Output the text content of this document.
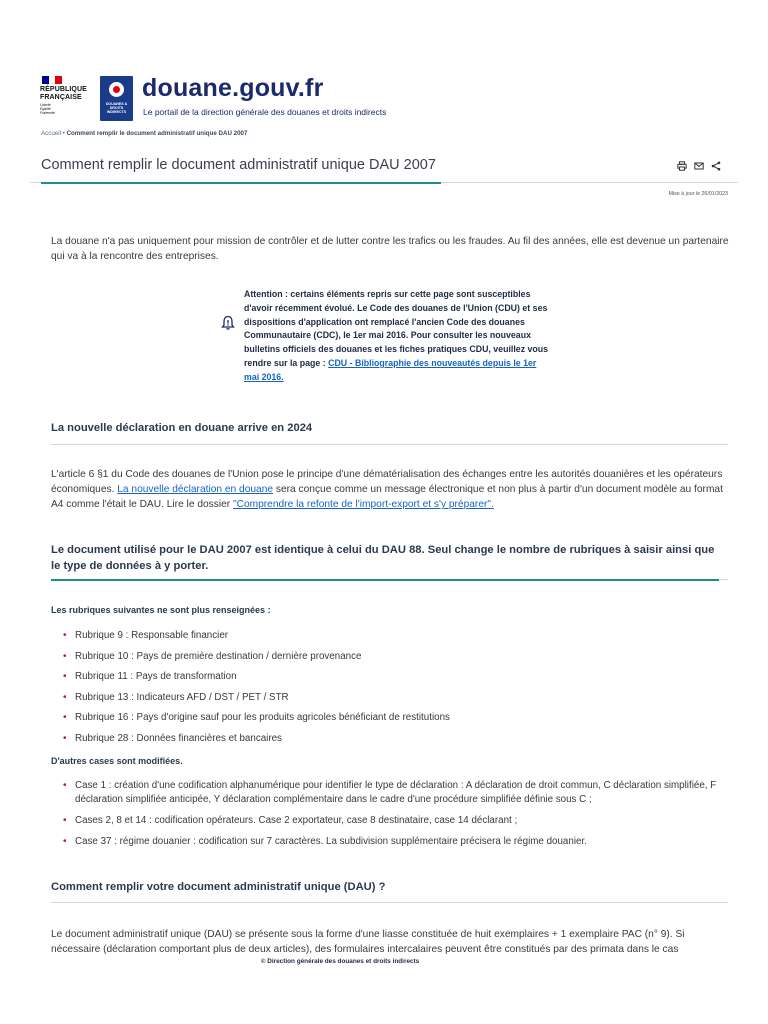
RÉPUBLIQUE
FRANÇAISE
Liberté
Égalité
Fraternité
DOUANES & DROITS INDIRECTS
douane.gouv.fr
Le portail de la direction générale des douanes et droits indirects
Accueil • Comment remplir le document administratif unique DAU 2007
Comment remplir le document administratif unique DAU 2007
Mise à jour le 26/01/2023

La douane n'a pas uniquement pour mission de contrôler et de lutter contre les trafics ou les fraudes. Au fil des années, elle est devenue un partenaire qui va à la rencontre des entreprises.

Attention : certains éléments repris sur cette page sont susceptibles d'avoir récemment évolué. Le Code des douanes de l'Union (CDU) et ses dispositions d'application ont remplacé l'ancien Code des douanes Communautaire (CDC), le 1er mai 2016. Pour consulter les nouveaux bulletins officiels des douanes et les fiches pratiques CDU, veuillez vous rendre sur la page : CDU - Bibliographie des nouveautés depuis le 1er mai 2016.

La nouvelle déclaration en douane arrive en 2024

L'article 6 §1 du Code des douanes de l'Union pose le principe d'une dématérialisation des échanges entre les autorités douanières et les opérateurs économiques. La nouvelle déclaration en douane sera conçue comme un message électronique et non plus à partir d'un document modèle au format A4 comme l'était le DAU. Lire le dossier "Comprendre la refonte de l'import-export et s'y préparer".

Le document utilisé pour le DAU 2007 est identique à celui du DAU 88. Seul change le nombre de rubriques à saisir ainsi que le type de données à y porter.
Les rubriques suivantes ne sont plus renseignées :
• Rubrique 9 : Responsable financier
• Rubrique 10 : Pays de première destination / dernière provenance
• Rubrique 11 : Pays de transformation
• Rubrique 13 : Indicateurs AFD / DST / PET / STR
• Rubrique 16 : Pays d'origine sauf pour les produits agricoles bénéficiant de restitutions
• Rubrique 28 : Données financières et bancaires
D'autres cases sont modifiées.
• Case 1 : création d'une codification alphanumérique pour identifier le type de déclaration : A déclaration de droit commun, C déclaration simplifiée, F déclaration simplifiée anticipée, Y déclaration complémentaire dans le cadre d'une procédure simplifiée définie sous C ;
• Cases 2, 8 et 14 : codification opérateurs. Case 2 exportateur, case 8 destinataire, case 14 déclarant ;
• Case 37 : régime douanier : codification sur 7 caractères. La subdivision supplémentaire précisera le régime douanier.
Comment remplir votre document administratif unique (DAU) ?

Le document administratif unique (DAU) se présente sous la forme d'une liasse constituée de huit exemplaires + 1 exemplaire PAC (n° 9). Si nécessaire (déclaration comportant plus de deux articles), des formulaires intercalaires peuvent être constitués par des primata dans le cas

© Direction générale des douanes et droits indirects
